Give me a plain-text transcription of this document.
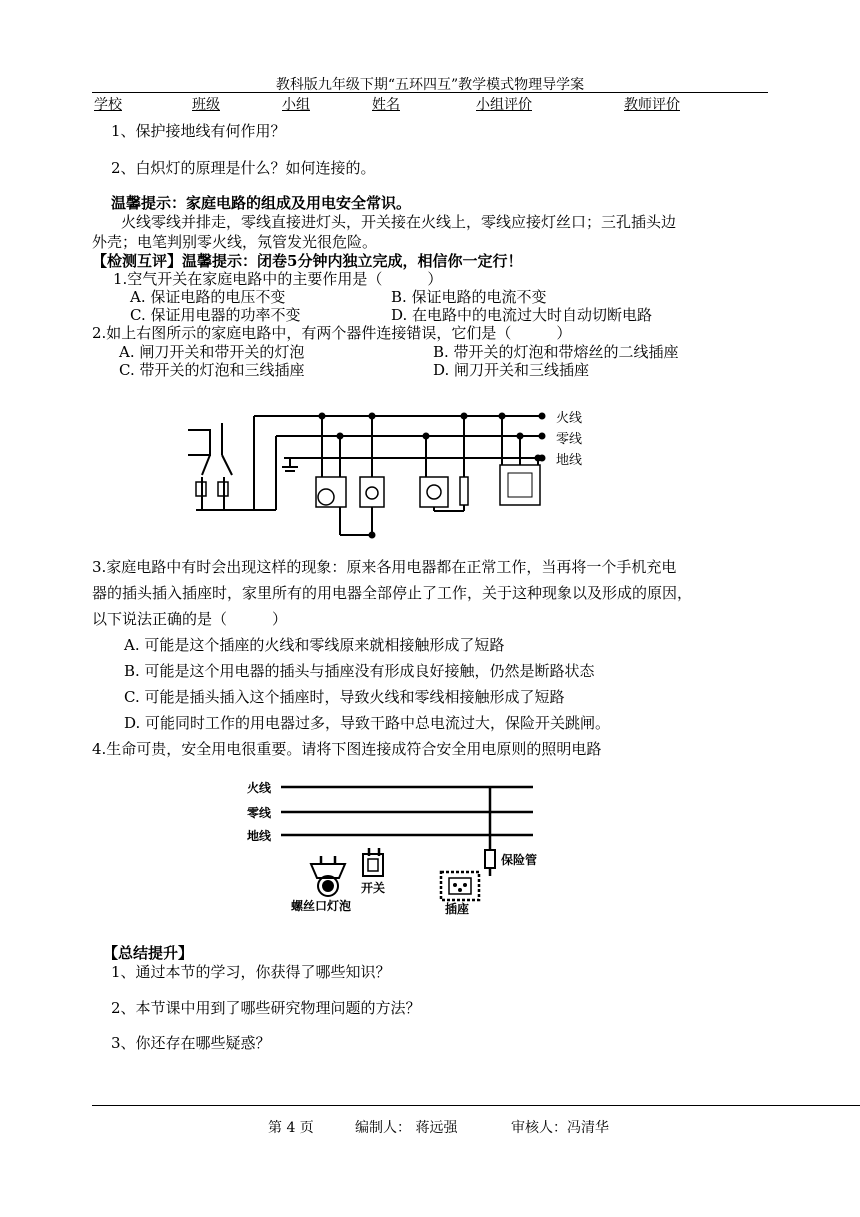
教科版九年级下期“五环四互”教学模式物理导学案
学校	班级	小组	姓名	小组评价	教师评价
1、保护接地线有何作用？
2、白炽灯的原理是什么？如何连接的。
温馨提示：家庭电路的组成及用电安全常识。
火线零线并排走，零线直接进灯头，开关接在火线上，零线应接灯丝口；三孔插头边
外壳；电笔判别零火线，氖管发光很危险。
【检测互评】温馨提示：闭卷5分钟内独立完成，相信你一定行！
1.空气开关在家庭电路中的主要作用是（　　　）
A. 保证电路的电压不变	B. 保证电路的电流不变
C. 保证用电器的功率不变	D. 在电路中的电流过大时自动切断电路
2.如上右图所示的家庭电路中，有两个器件连接错误，它们是（　　　）
A. 闸刀开关和带开关的灯泡	B. 带开关的灯泡和带熔丝的二线插座
C. 带开关的灯泡和三线插座	D. 闸刀开关和三线插座
火线
零线
地线
3.家庭电路中有时会出现这样的现象：原来各用电器都在正常工作，当再将一个手机充电
器的插头插入插座时，家里所有的用电器全部停止了工作，关于这种现象以及形成的原因，
以下说法正确的是（　　　）
A. 可能是这个插座的火线和零线原来就相接触形成了短路
B. 可能是这个用电器的插头与插座没有形成良好接触，仍然是断路状态
C. 可能是插头插入这个插座时，导致火线和零线相接触形成了短路
D. 可能同时工作的用电器过多，导致干路中总电流过大，保险开关跳闸。
4.生命可贵，安全用电很重要。请将下图连接成符合安全用电原则的照明电路
火线
零线
地线
保险管
开关
螺丝口灯泡	插座
【总结提升】
1、通过本节的学习，你获得了哪些知识？
2、本节课中用到了哪些研究物理问题的方法？
3、你还存在哪些疑惑？
第 4 页	编制人： 蒋远强	审核人：冯清华
